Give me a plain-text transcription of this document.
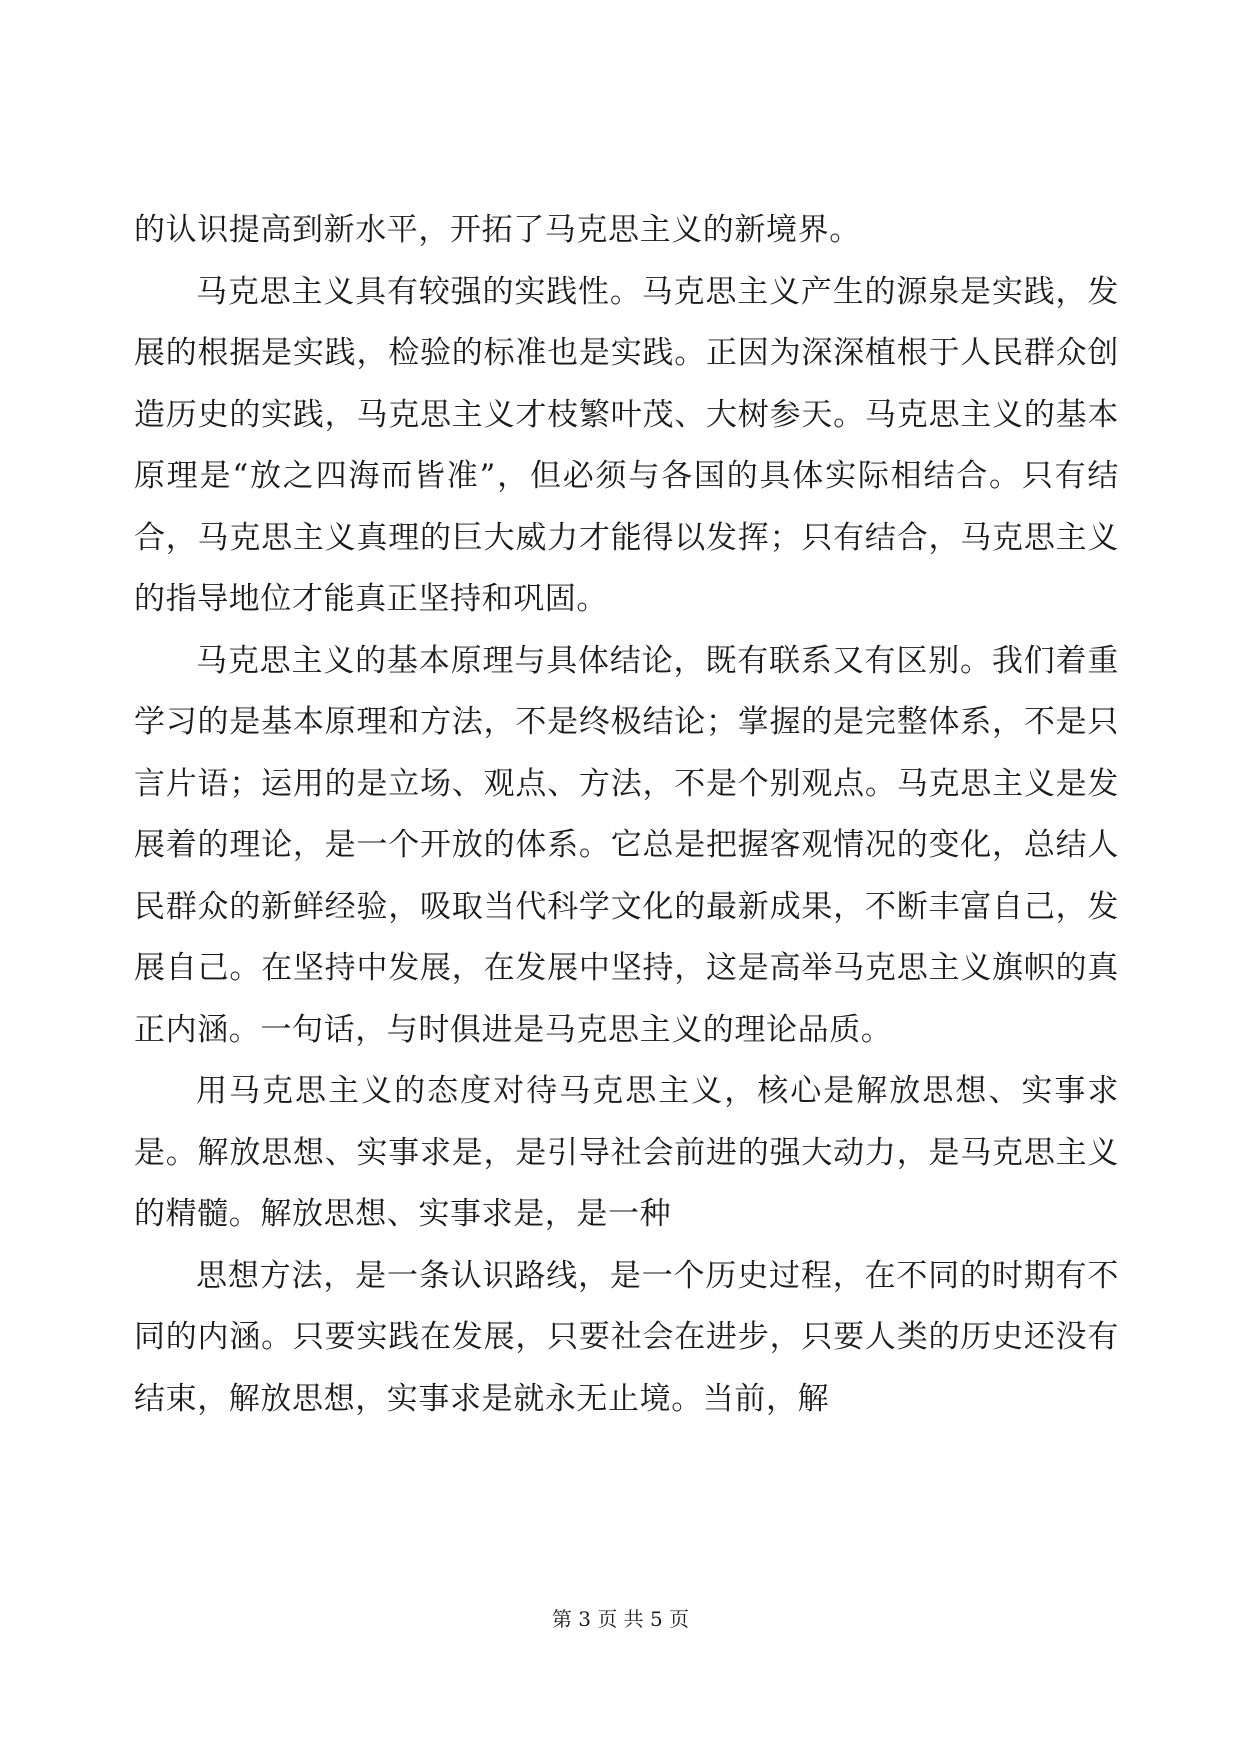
的认识提高到新水平，开拓了马克思主义的新境界。

马克思主义具有较强的实践性。马克思主义产生的源泉是实践，发展的根据是实践，检验的标准也是实践。正因为深深植根于人民群众创造历史的实践，马克思主义才枝繁叶茂、大树参天。马克思主义的基本原理是“放之四海而皆准”，但必须与各国的具体实际相结合。只有结合，马克思主义真理的巨大威力才能得以发挥；只有结合，马克思主义的指导地位才能真正坚持和巩固。

马克思主义的基本原理与具体结论，既有联系又有区别。我们着重学习的是基本原理和方法，不是终极结论；掌握的是完整体系，不是只言片语；运用的是立场、观点、方法，不是个别观点。马克思主义是发展着的理论，是一个开放的体系。它总是把握客观情况的变化，总结人民群众的新鲜经验，吸取当代科学文化的最新成果，不断丰富自己，发展自己。在坚持中发展，在发展中坚持，这是高举马克思主义旗帜的真正内涵。一句话，与时俱进是马克思主义的理论品质。

用马克思主义的态度对待马克思主义，核心是解放思想、实事求是。解放思想、实事求是，是引导社会前进的强大动力，是马克思主义的精髓。解放思想、实事求是，是一种

思想方法，是一条认识路线，是一个历史过程，在不同的时期有不同的内涵。只要实践在发展，只要社会在进步，只要人类的历史还没有结束，解放思想，实事求是就永无止境。当前，解

第 3 页 共 5 页
